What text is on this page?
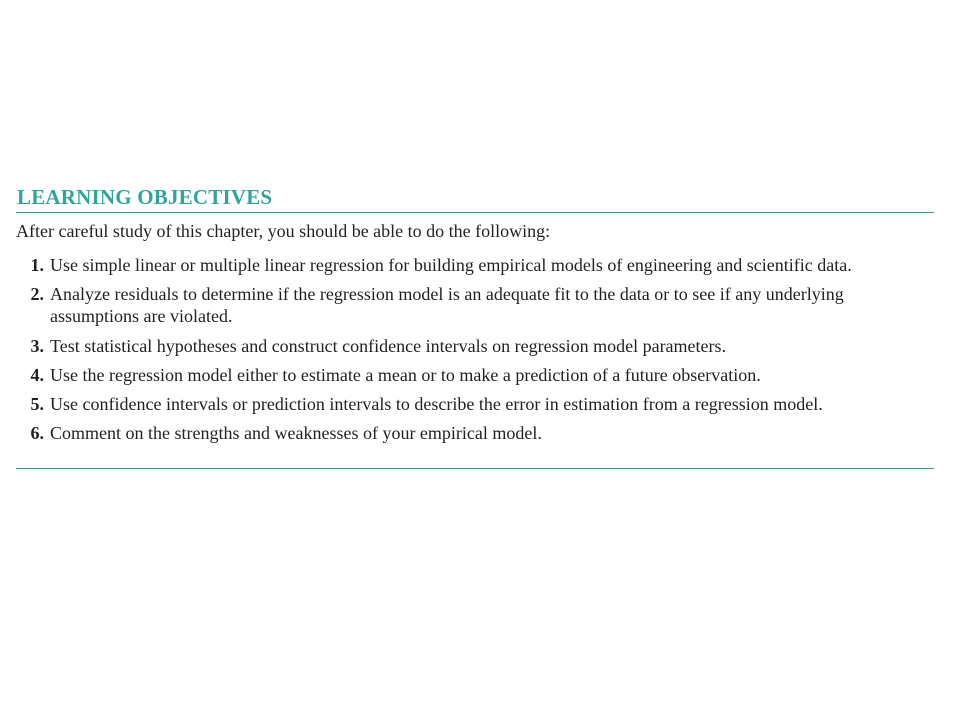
LEARNING OBJECTIVES
After careful study of this chapter, you should be able to do the following:
1. Use simple linear or multiple linear regression for building empirical models of engineering and scientific data.
2. Analyze residuals to determine if the regression model is an adequate fit to the data or to see if any underlying
assumptions are violated.
3. Test statistical hypotheses and construct confidence intervals on regression model parameters.
4. Use the regression model either to estimate a mean or to make a prediction of a future observation.
5. Use confidence intervals or prediction intervals to describe the error in estimation from a regression model.
6. Comment on the strengths and weaknesses of your empirical model.
